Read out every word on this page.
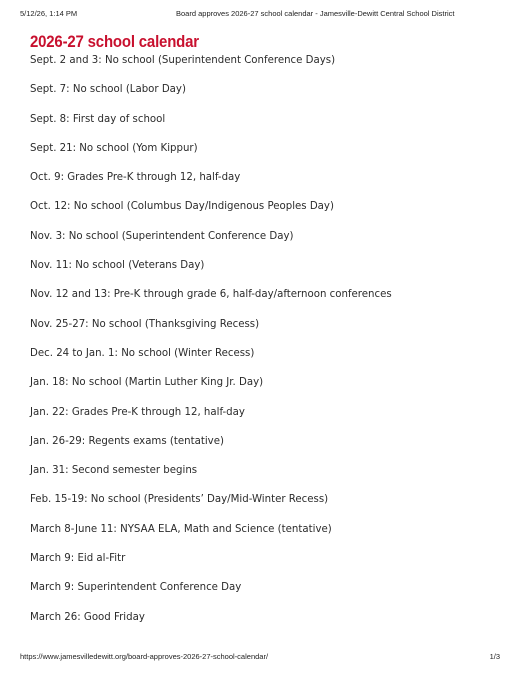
5/12/26, 1:14 PM	Board approves 2026-27 school calendar - Jamesville-Dewitt Central School District
2026-27 school calendar
Sept. 2 and 3: No school (Superintendent Conference Days)
Sept. 7: No school (Labor Day)
Sept. 8: First day of school
Sept. 21: No school (Yom Kippur)
Oct. 9: Grades Pre-K through 12, half-day
Oct. 12: No school (Columbus Day/Indigenous Peoples Day)
Nov. 3: No school (Superintendent Conference Day)
Nov. 11: No school (Veterans Day)
Nov. 12 and 13: Pre-K through grade 6, half-day/afternoon conferences
Nov. 25-27: No school (Thanksgiving Recess)
Dec. 24 to Jan. 1: No school (Winter Recess)
Jan. 18: No school (Martin Luther King Jr. Day)
Jan. 22: Grades Pre-K through 12, half-day
Jan. 26-29: Regents exams (tentative)
Jan. 31: Second semester begins
Feb. 15-19: No school (Presidents’ Day/Mid-Winter Recess)
March 8-June 11: NYSAA ELA, Math and Science (tentative)
March 9: Eid al-Fitr
March 9: Superintendent Conference Day
March 26: Good Friday
https://www.jamesvilledewitt.org/board-approves-2026-27-school-calendar/	1/3
